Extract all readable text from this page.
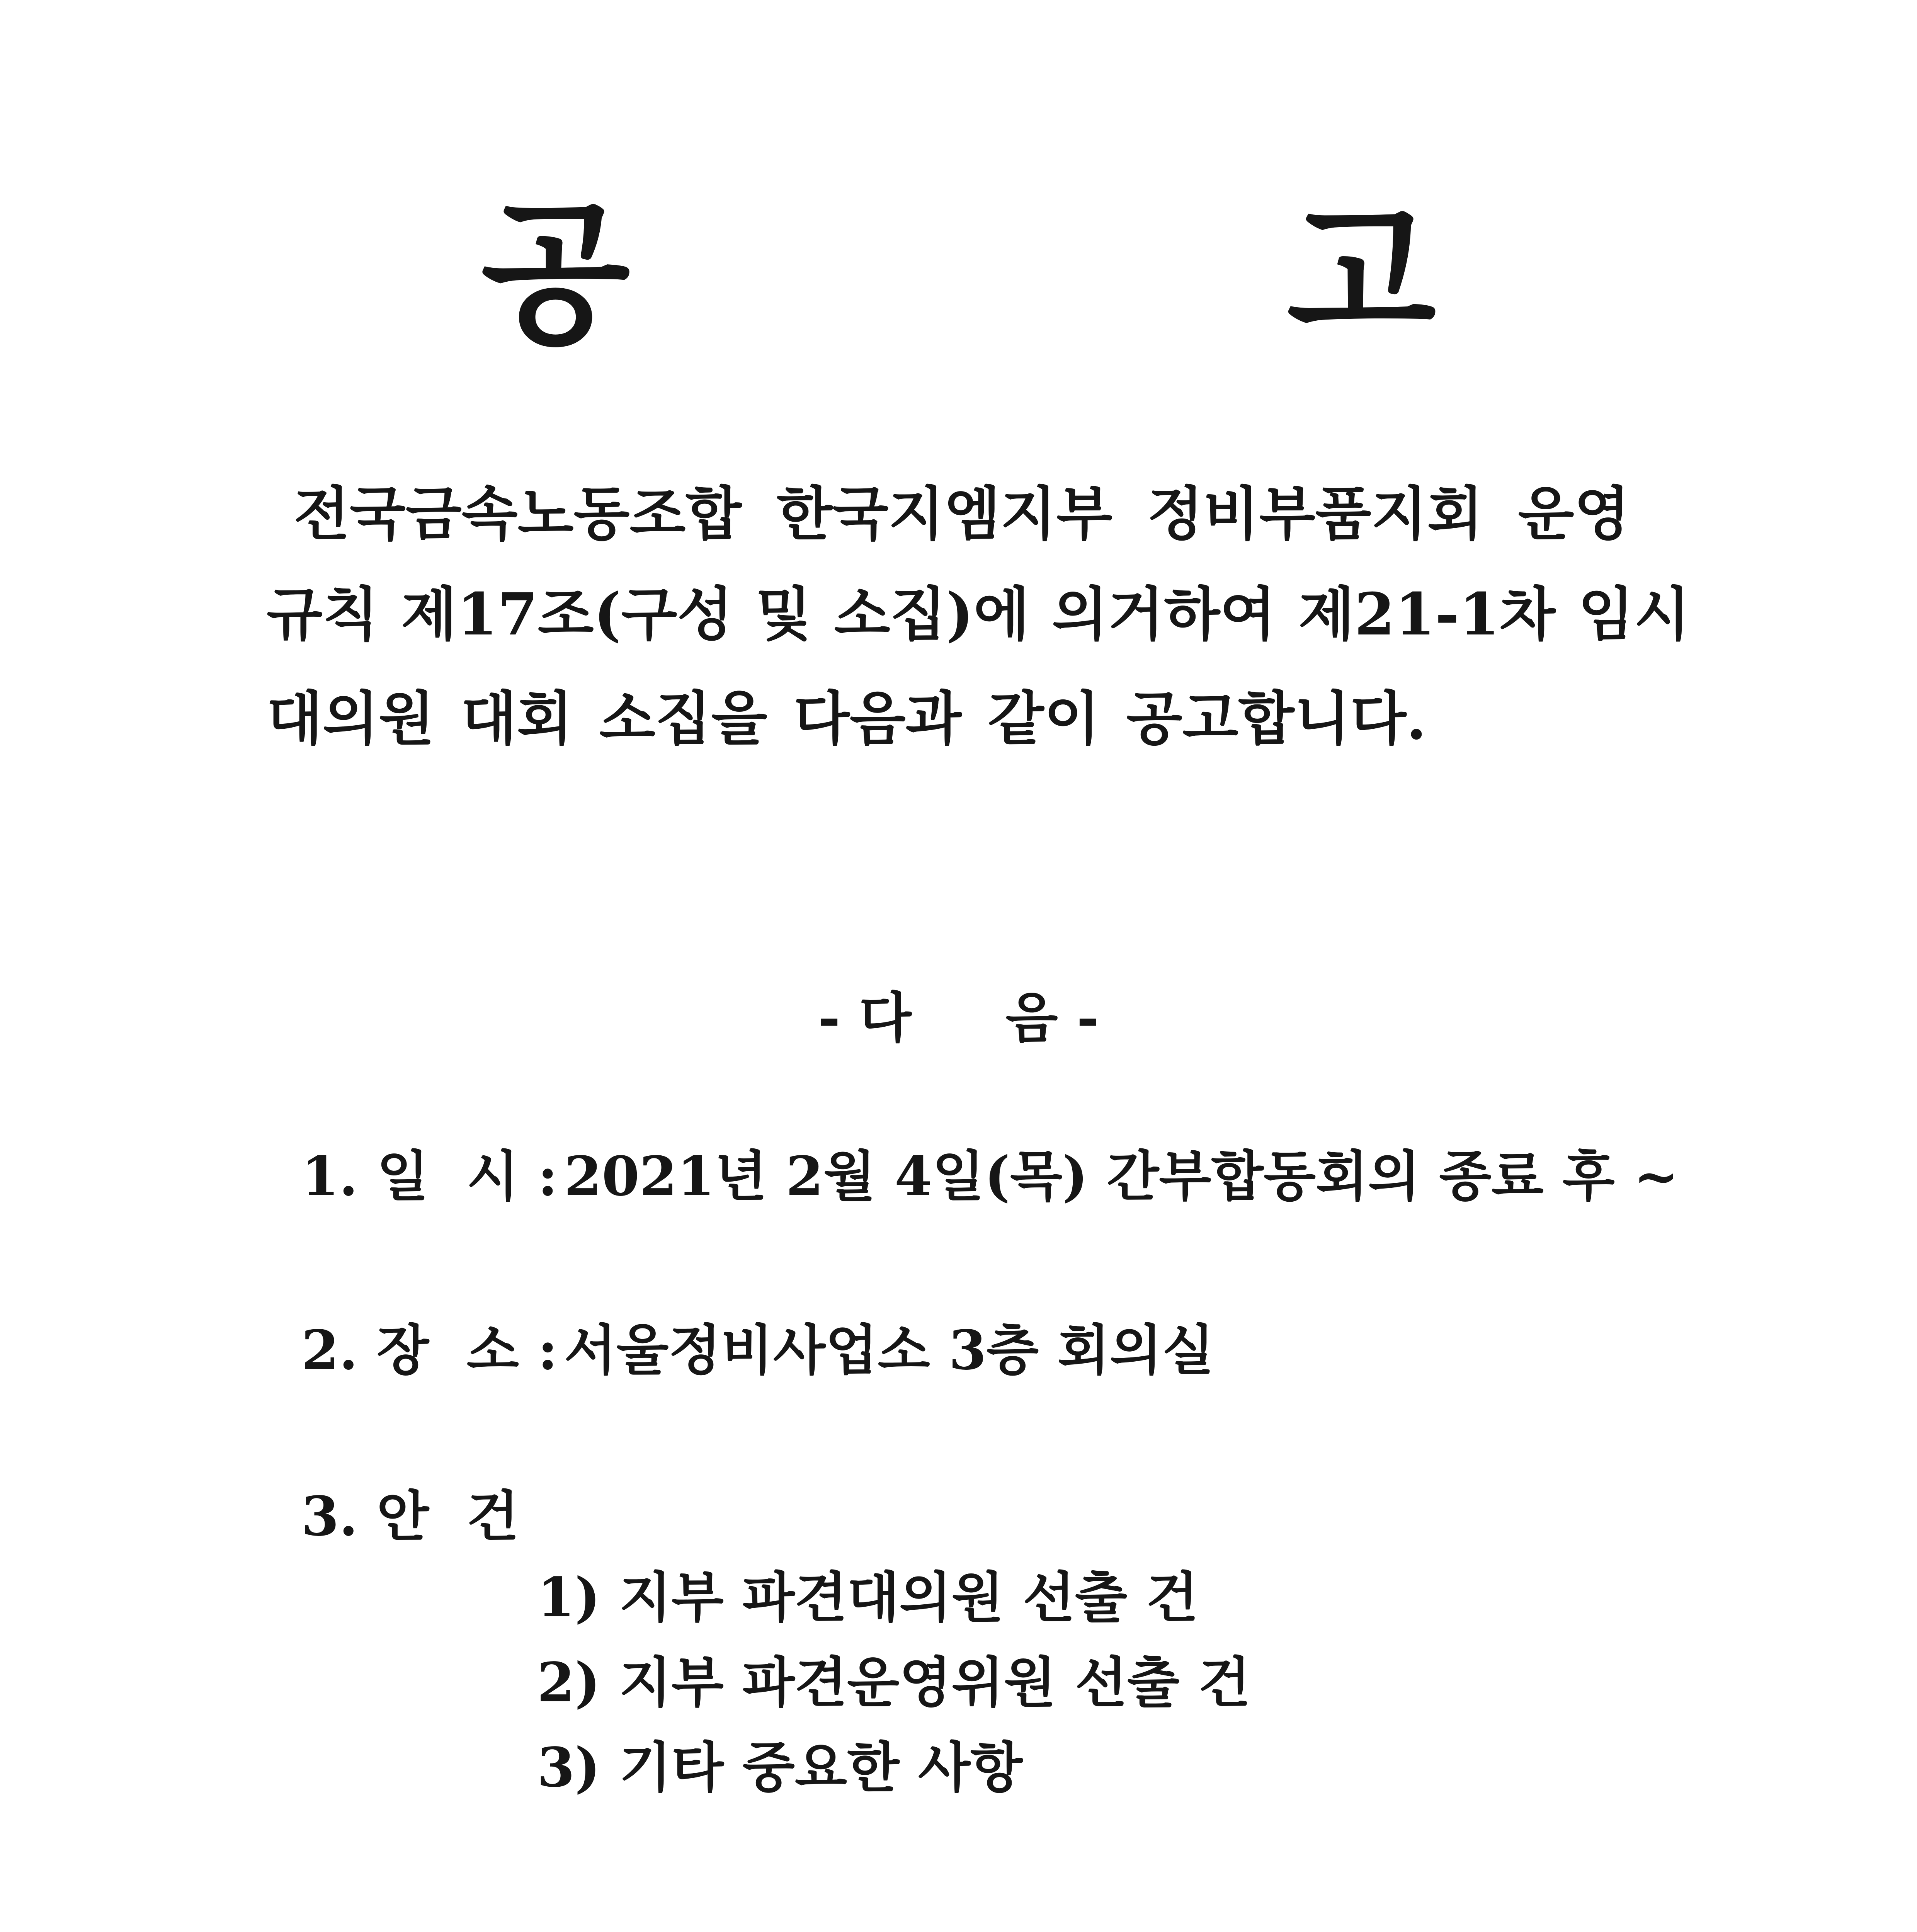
공 고
전국금속노동조합 한국지엠지부 정비부품지회 운영
규칙 제17조(구성 및 소집)에 의거하여 제21-1차 임시
대의원 대회 소집을 다음과 같이 공고합니다.
- 다     음 -
1. 일  시 : 2021년 2월 4일(목) 간부합동회의 종료 후 ~
2. 장  소 : 서울정비사업소 3층 회의실
3. 안  건
1) 지부 파견대의원 선출 건
2) 지부 파견운영위원 선출 건
3) 기타 중요한 사항
